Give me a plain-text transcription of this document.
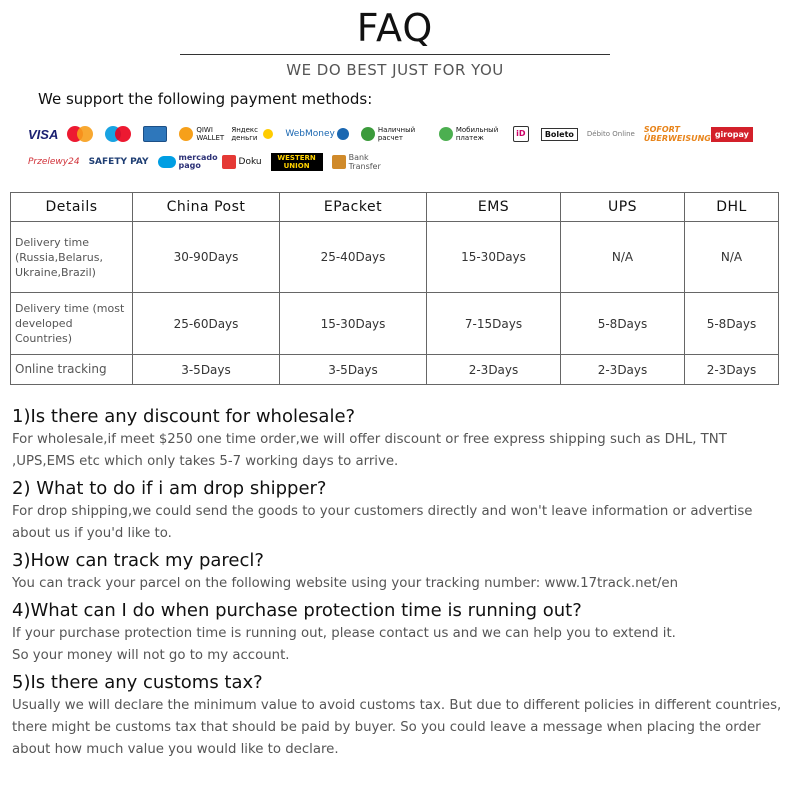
FAQ
WE DO BEST JUST FOR YOU
We support the following payment methods:
VISA	QIWI WALLET
Яндекс деньги	WebMoney	Наличный расчет
Мобильный платеж	iD	Boleto	Débito Online SOFORT ÜBERWEISUNG giropay
Przelewy24 SAFETY PAY	mercado pago	Doku	WESTERN UNION
Bank Transfer
Details	China Post	EPacket	EMS	UPS	DHL
Delivery time (Russia,Belarus, Ukraine,Brazil)	30-90Days	25-40Days	15-30Days	N/A	N/A
Delivery time (most developed Countries)	25-60Days	15-30Days	7-15Days	5-8Days	5-8Days
Online tracking	3-5Days	3-5Days	2-3Days	2-3Days	2-3Days

1)Is there any discount for wholesale?

For wholesale,if meet $250 one time order,we will offer discount or free express shipping such as DHL, TNT ,UPS,EMS etc which only takes 5-7 working days to arrive.

2) What to do if i am drop shipper?

For drop shipping,we could send the goods to your customers directly and won't leave information or advertise about us if you'd like to.

3)How can track my parecl?

You can track your parcel on the following website using your tracking number: www.17track.net/en

4)What can I do when purchase protection time is running out?

If your purchase protection time is running out, please contact us and we can help you to extend it.

So your money will not go to my account.

5)Is there any customs tax?

Usually we will declare the minimum value to avoid customs tax. But due to different policies in different countries, there might be customs tax that should be paid by buyer. So you could leave a message when placing the order about how much value you would like to declare.
